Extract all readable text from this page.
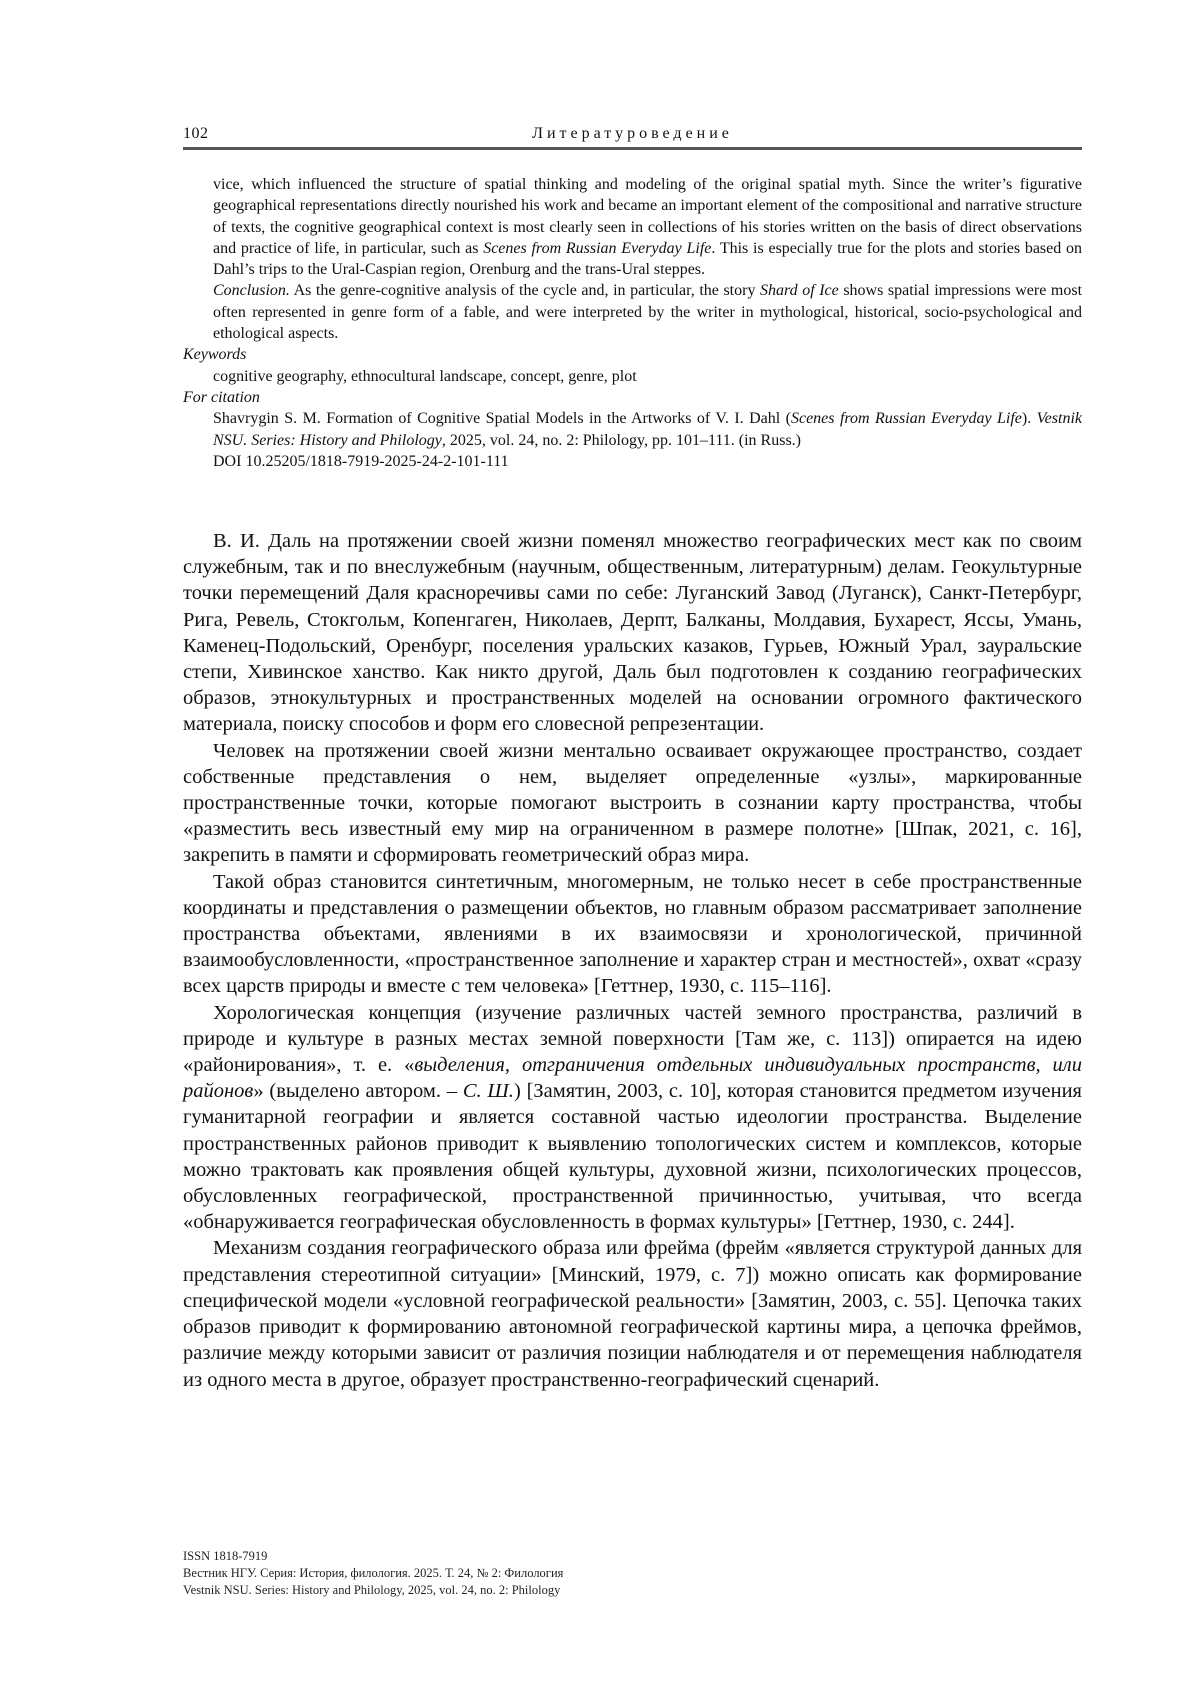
102	Литературоведение

vice, which influenced the structure of spatial thinking and modeling of the original spatial myth. Since the writer’s figurative geographical representations directly nourished his work and became an important element of the compositional and narrative structure of texts, the cognitive geographical context is most clearly seen in collections of his stories written on the basis of direct observations and practice of life, in particular, such as Scenes from Russian Everyday Life. This is especially true for the plots and stories based on Dahl’s trips to the Ural-Caspian region, Orenburg and the trans-Ural steppes.

Conclusion. As the genre-cognitive analysis of the cycle and, in particular, the story Shard of Ice shows spatial impressions were most often represented in genre form of a fable, and were interpreted by the writer in mythological, historical, socio-psychological and ethological aspects.

Keywords

cognitive geography, ethnocultural landscape, concept, genre, plot

For citation

Shavrygin S. M. Formation of Cognitive Spatial Models in the Artworks of V. I. Dahl (Scenes from Russian Everyday Life). Vestnik NSU. Series: History and Philology, 2025, vol. 24, no. 2: Philology, pp. 101–111. (in Russ.)
DOI 10.25205/1818-7919-2025-24-2-101-111

В. И. Даль на протяжении своей жизни поменял множество географических мест как по своим служебным, так и по внеслужебным (научным, общественным, литературным) делам. Геокультурные точки перемещений Даля красноречивы сами по себе: Луганский Завод (Луганск), Санкт-Петербург, Рига, Ревель, Стокгольм, Копенгаген, Николаев, Дерпт, Балканы, Молдавия, Бухарест, Яссы, Умань, Каменец-Подольский, Оренбург, поселения уральских казаков, Гурьев, Южный Урал, зауральские степи, Хивинское ханство. Как никто другой, Даль был подготовлен к созданию географических образов, этнокультурных и пространственных моделей на основании огромного фактического материала, поиску способов и форм его словесной репрезентации.

Человек на протяжении своей жизни ментально осваивает окружающее пространство, создает собственные представления о нем, выделяет определенные «узлы», маркированные пространственные точки, которые помогают выстроить в сознании карту пространства, чтобы «разместить весь известный ему мир на ограниченном в размере полотне» [Шпак, 2021, с. 16], закрепить в памяти и сформировать геометрический образ мира.

Такой образ становится синтетичным, многомерным, не только несет в себе пространственные координаты и представления о размещении объектов, но главным образом рассматривает заполнение пространства объектами, явлениями в их взаимосвязи и хронологической, причинной взаимообусловленности, «пространственное заполнение и характер стран и местностей», охват «сразу всех царств природы и вместе с тем человека» [Геттнер, 1930, с. 115–116].

Хорологическая концепция (изучение различных частей земного пространства, различий в природе и культуре в разных местах земной поверхности [Там же, с. 113]) опирается на идею «районирования», т. е. «выделения, отграничения отдельных индивидуальных пространств, или районов» (выделено автором. – С. Ш.) [Замятин, 2003, с. 10], которая становится предметом изучения гуманитарной географии и является составной частью идеологии пространства. Выделение пространственных районов приводит к выявлению топологических систем и комплексов, которые можно трактовать как проявления общей культуры, духовной жизни, психологических процессов, обусловленных географической, пространственной причинностью, учитывая, что всегда «обнаруживается географическая обусловленность в формах культуры» [Геттнер, 1930, с. 244].

Механизм создания географического образа или фрейма (фрейм «является структурой данных для представления стереотипной ситуации» [Минский, 1979, с. 7]) можно описать как формирование специфической модели «условной географической реальности» [Замятин, 2003, с. 55]. Цепочка таких образов приводит к формированию автономной географической картины мира, а цепочка фреймов, различие между которыми зависит от различия позиции наблюдателя и от перемещения наблюдателя из одного места в другое, образует пространственно-географический сценарий.

ISSN 1818-7919
Вестник НГУ. Серия: История, филология. 2025. Т. 24, № 2: Филология
Vestnik NSU. Series: History and Philology, 2025, vol. 24, no. 2: Philology
